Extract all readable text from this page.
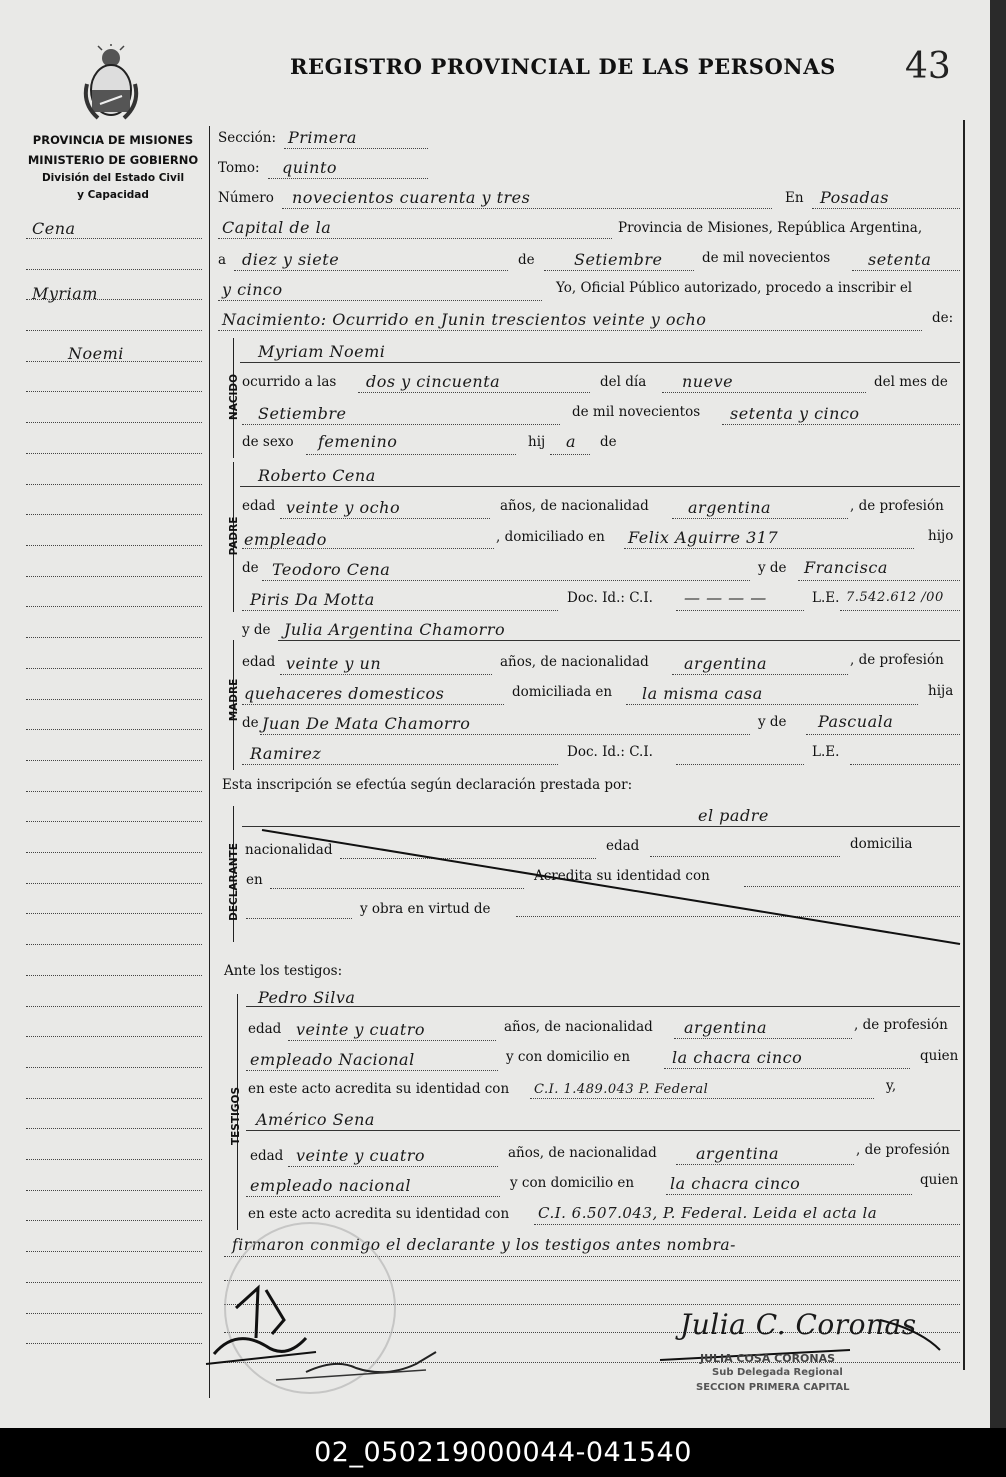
REGISTRO PROVINCIAL DE LAS PERSONAS 43
PROVINCIA DE MISIONES
MINISTERIO DE GOBIERNO
División del Estado Civil
y Capacidad
Cena
Myriam
Noemi
Sección: Primera
Tomo: quinto
Número novecientos cuarenta y tres	En Posadas
Capital de la	Provincia de Misiones, República Argentina,
a diez y siete	de Setiembre	de mil novecientos setenta
y cinco	Yo, Oficial Público autorizado, procedo a inscribir el
Nacimiento: Ocurrido en Junin trescientos veinte y ocho	de:
NACIDO
Myriam Noemi
ocurrido a las dos y cincuenta	del día nueve	del mes de
Setiembre	de mil novecientos setenta y cinco
de sexo femenino	hij a de
PADRE
Roberto Cena
edad veinte y ocho	años, de nacionalidad argentina	, de profesión
empleado	, domiciliado en Felix Aguirre 317	hijo
de Teodoro Cena	y de Francisca
Piris Da Motta	Doc. Id.: C.I. — — — —	L.E. 7.542.612 /00
MADRE
y de Julia Argentina Chamorro
edad veinte y un	años, de nacionalidad argentina	, de profesión
quehaceres domesticos	domiciliada en la misma casa	hija
de Juan De Mata Chamorro	y de Pascuala
Ramirez	Doc. Id.: C.I.	L.E.
Esta inscripción se efectúa según declaración prestada por:
DECLARANTE
el padre
nacionalidad	edad	domicilia
en	Acredita su identidad con
y obra en virtud de
Ante los testigos:
TESTIGOS
Pedro Silva
edad veinte y cuatro	años, de nacionalidad argentina	, de profesión
empleado Nacional	y con domicilio en	la chacra cinco	quien
en este acto acredita su identidad con C.I. 1.489.043 P. Federal	y,
Américo Sena
edad veinte y cuatro	años, de nacionalidad argentina	, de profesión
empleado nacional	y con domicilio en la chacra cinco	quien
en este acto acredita su identidad con C.I. 6.507.043, P. Federal. Leida el acta la
firmaron conmigo el declarante y los testigos antes nombra-
Julia C. Coronas
JULIA COSA CORONAS
Sub Delegada Regional
SECCION PRIMERA CAPITAL
02_050219000044-041540
